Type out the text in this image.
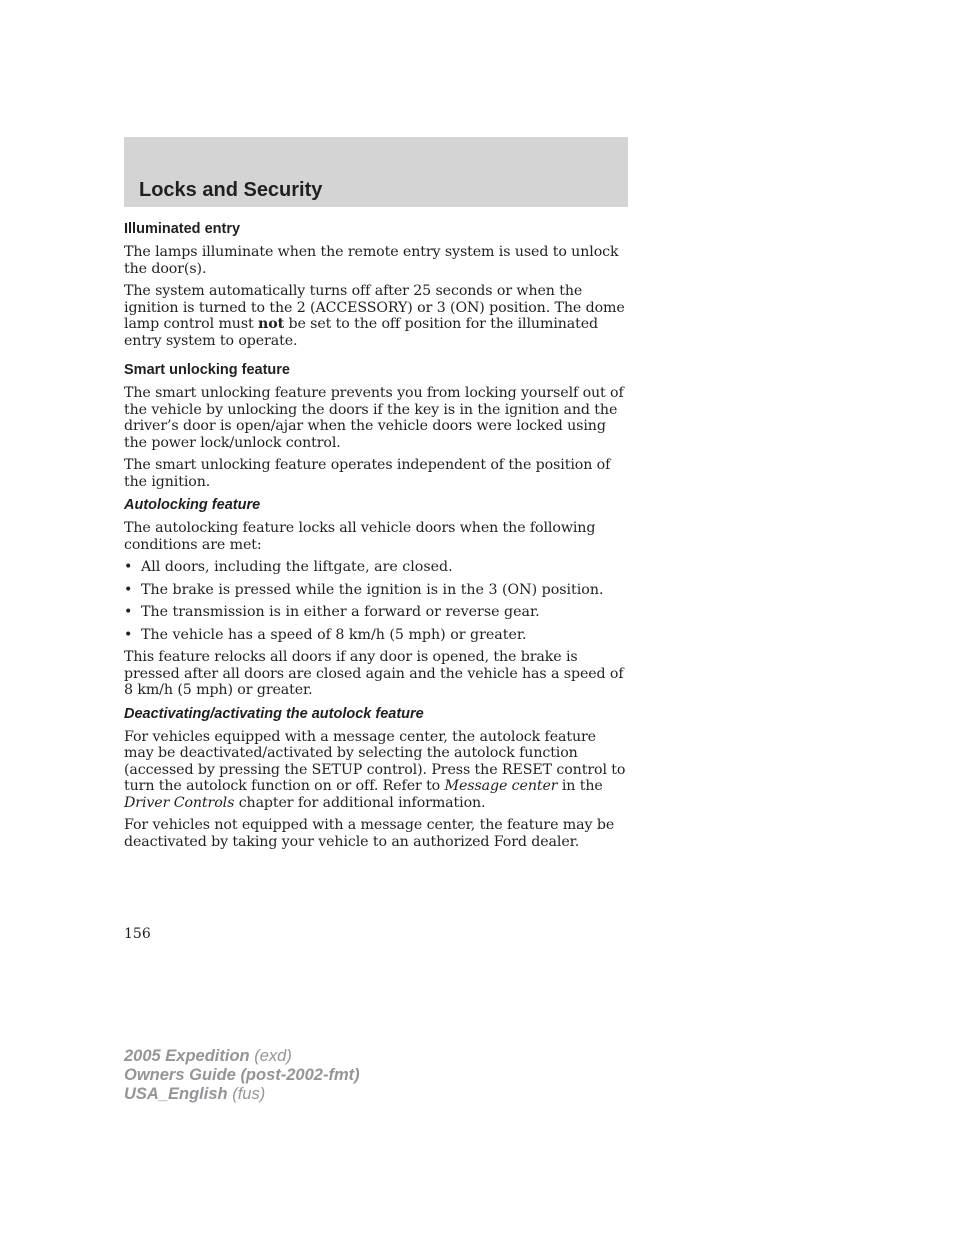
Locks and Security
Illuminated entry

The lamps illuminate when the remote entry system is used to unlock the door(s).

The system automatically turns off after 25 seconds or when the ignition is turned to the 2 (ACCESSORY) or 3 (ON) position. The dome lamp control must not be set to the off position for the illuminated entry system to operate.

Smart unlocking feature

The smart unlocking feature prevents you from locking yourself out of the vehicle by unlocking the doors if the key is in the ignition and the driver’s door is open/ajar when the vehicle doors were locked using the power lock/unlock control.

The smart unlocking feature operates independent of the position of the ignition.

Autolocking feature

The autolocking feature locks all vehicle doors when the following conditions are met:

• All doors, including the liftgate, are closed.
• The brake is pressed while the ignition is in the 3 (ON) position.
• The transmission is in either a forward or reverse gear.
• The vehicle has a speed of 8 km/h (5 mph) or greater.

This feature relocks all doors if any door is opened, the brake is pressed after all doors are closed again and the vehicle has a speed of 8 km/h (5 mph) or greater.

Deactivating/activating the autolock feature

For vehicles equipped with a message center, the autolock feature may be deactivated/activated by selecting the autolock function (accessed by pressing the SETUP control). Press the RESET control to turn the autolock function on or off. Refer to Message center in the Driver Controls chapter for additional information.

For vehicles not equipped with a message center, the feature may be deactivated by taking your vehicle to an authorized Ford dealer.

156
2005 Expedition (exd)
Owners Guide (post-2002-fmt)
USA_English (fus)
